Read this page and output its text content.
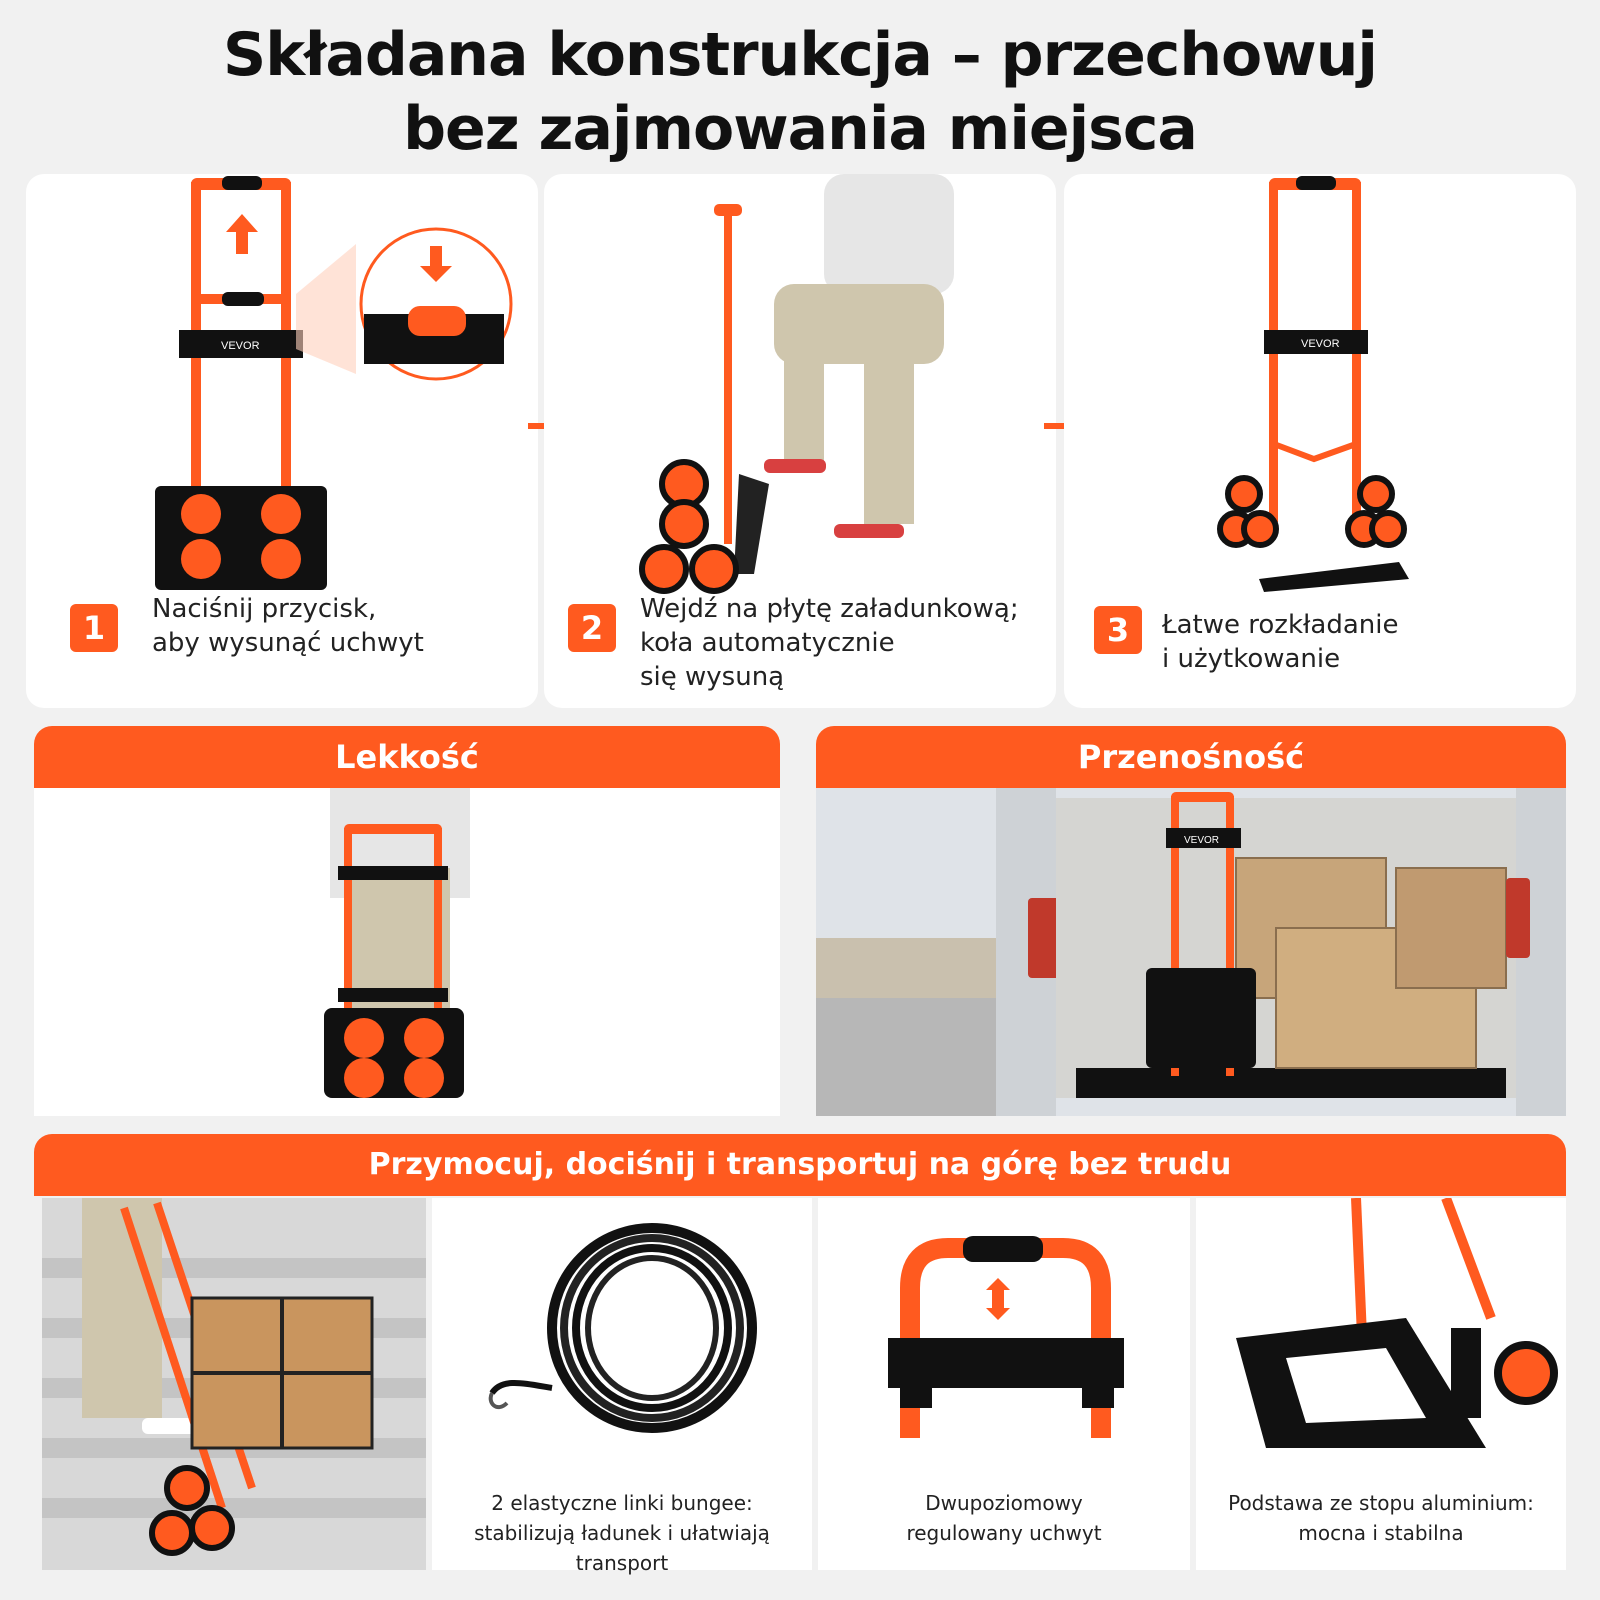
Składana konstrukcja – przechowuj
bez zajmowania miejsca
VEVOR
1	Naciśnij przycisk,
aby wysunąć uchwyt	2	Wejdź na płytę załadunkową;
koła automatycznie
się wysuną
VEVOR
3	Łatwe rozkładanie
i użytkowanie
Lekkość	Przenośność
VEVOR
Przymocuj, dociśnij i transportuj na górę bez trudu
2 elastyczne linki bungee:
stabilizują ładunek i ułatwiają transport
Dwupoziomowy
regulowany uchwyt
Podstawa ze stopu aluminium:
mocna i stabilna
